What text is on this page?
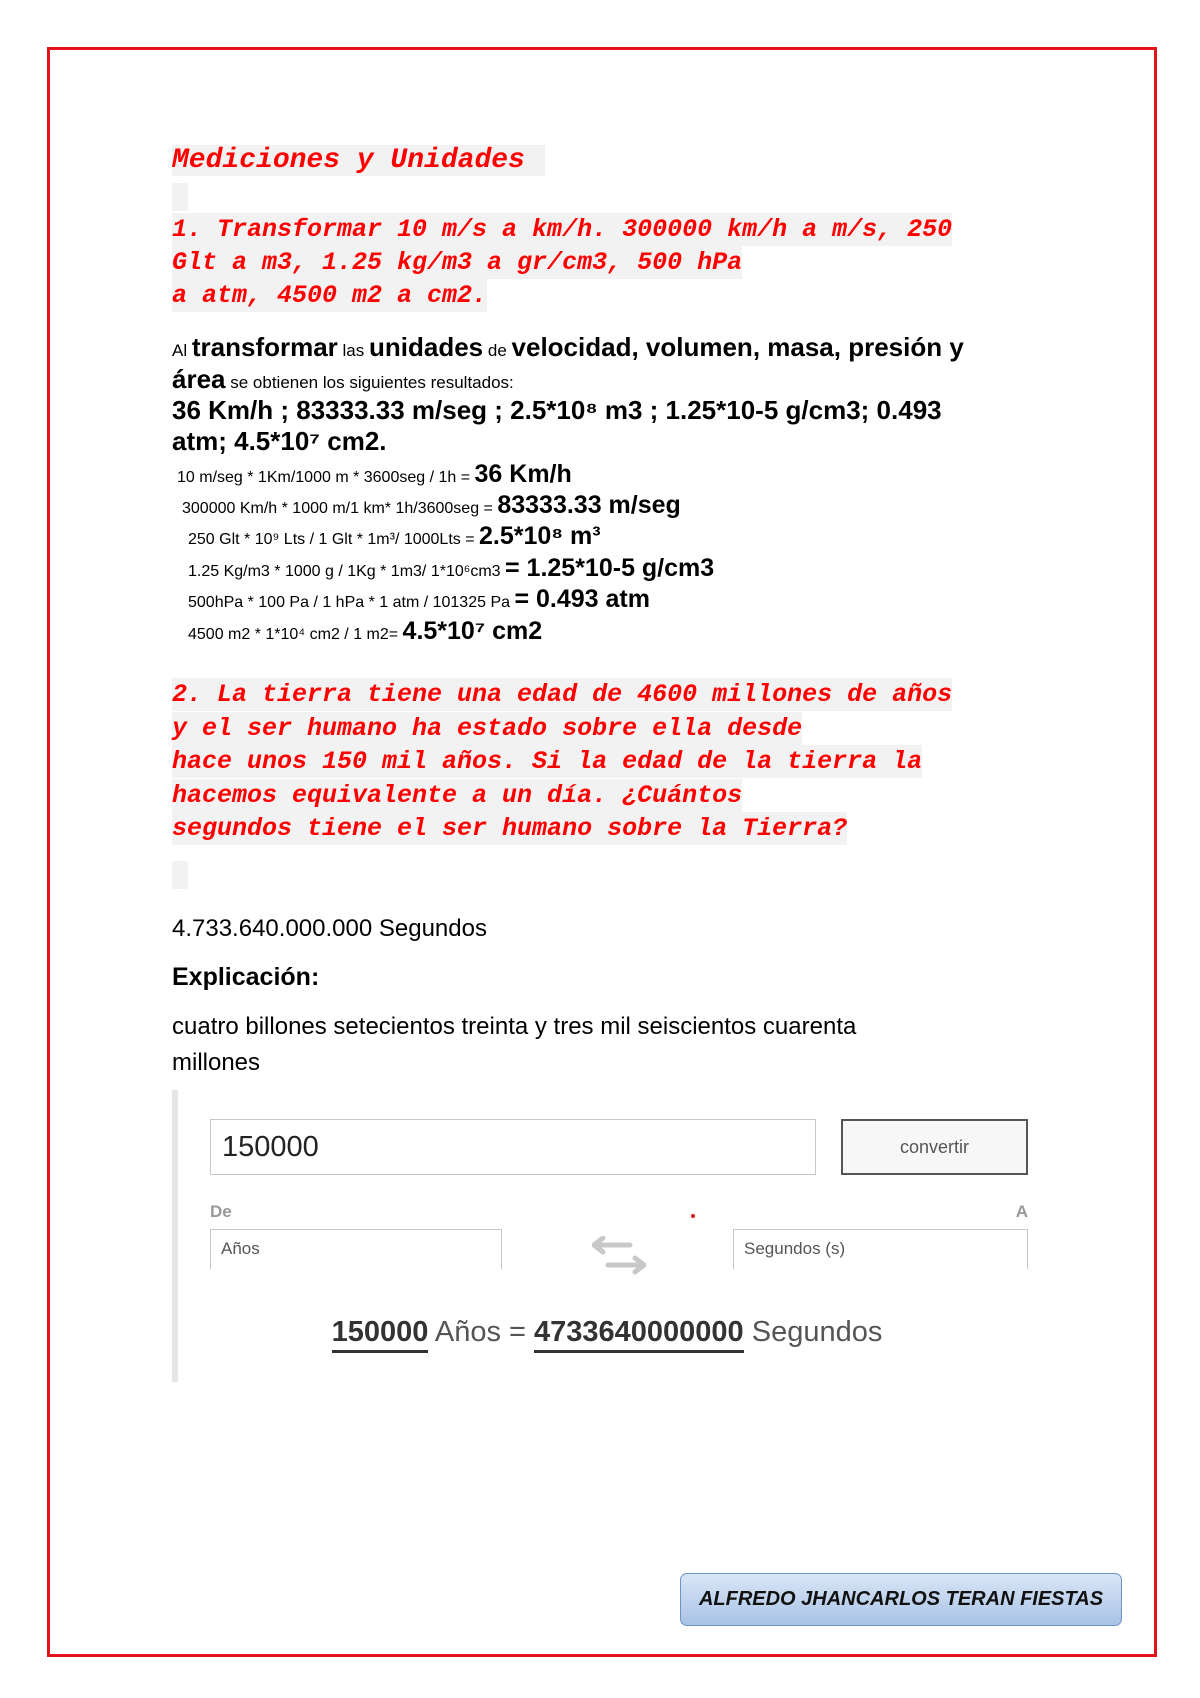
Mediciones y Unidades
1. Transformar 10 m/s a km/h. 300000 km/h a m/s, 250
Glt a m3, 1.25 kg/m3 a gr/cm3, 500 hPa
a atm, 4500 m2 a cm2.
Al transformar las unidades de velocidad, volumen, masa, presión y
área se obtienen los siguientes resultados:
36 Km/h ; 83333.33 m/seg ; 2.5*10⁸ m3 ; 1.25*10-5 g/cm3; 0.493
atm; 4.5*10⁷ cm2.
10 m/seg * 1Km/1000 m * 3600seg / 1h = 36 Km/h
300000 Km/h * 1000 m/1 km* 1h/3600seg = 83333.33 m/seg
250 Glt * 10⁹ Lts / 1 Glt * 1m³/ 1000Lts = 2.5*10⁸ m³
1.25 Kg/m3 * 1000 g / 1Kg * 1m3/ 1*10⁶cm3 = 1.25*10-5 g/cm3
500hPa * 100 Pa / 1 hPa * 1 atm / 101325 Pa = 0.493 atm
4500 m2 * 1*10⁴ cm2 / 1 m2= 4.5*10⁷ cm2
2. La tierra tiene una edad de 4600 millones de años
y el ser humano ha estado sobre ella desde
hace unos 150 mil años. Si la edad de la tierra la
hacemos equivalente a un día. ¿Cuántos
segundos tiene el ser humano sobre la Tierra?
4.733.640.000.000 Segundos
Explicación:
cuatro billones setecientos treinta y tres mil seiscientos cuarenta
millones
150000	convertir
De	A
Años	Segundos (s)
150000 Años = 4733640000000 Segundos
ALFREDO JHANCARLOS TERAN FIESTAS
